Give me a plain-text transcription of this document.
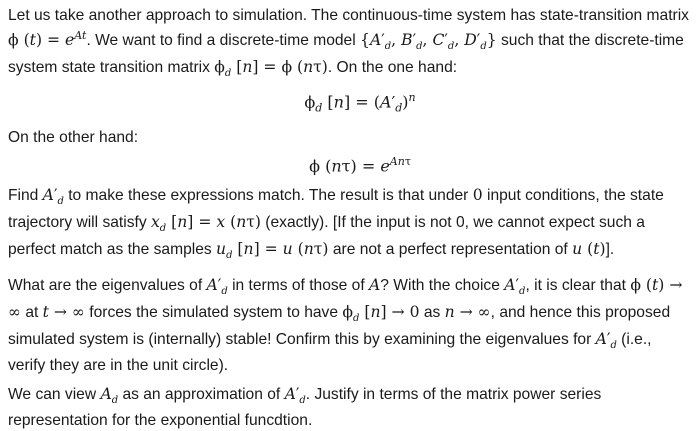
Let us take another approach to simulation. The continuous-time system has state-transition matrix ϕ $(t) = e^{At}$. We want to find a discrete-time model {$A'_d$, $B'_d$, $C'_d$, $D'_d$} such that the discrete-time system state transition matrix $\phi_d$ [n] = ϕ (nτ). On the one hand:

$\phi_d$ $[n] = (A'_d)^n$

On the other hand:

ϕ $(n\tau) = e^{An\tau}$

Find $A'_d$ to make these expressions match. The result is that under 0 input conditions, the state trajectory will satisfy $x_d$ [n] = x (nτ) (exactly). [If the input is not 0, we cannot expect such a perfect match as the samples $u_d$ [n] = u (nτ) are not a perfect representation of u (t)].

What are the eigenvalues of $A'_d$ in terms of those of A? With the choice $A'_d$, it is clear that ϕ (t) → ∞ at t → ∞ forces the simulated system to have $\phi_d$ [n] → 0 as n → ∞, and hence this proposed simulated system is (internally) stable! Confirm this by examining the eigenvalues for $A'_d$ (i.e., verify they are in the unit circle).

We can view $A_d$ as an approximation of $A'_d$. Justify in terms of the matrix power series representation for the exponential funcdtion.
